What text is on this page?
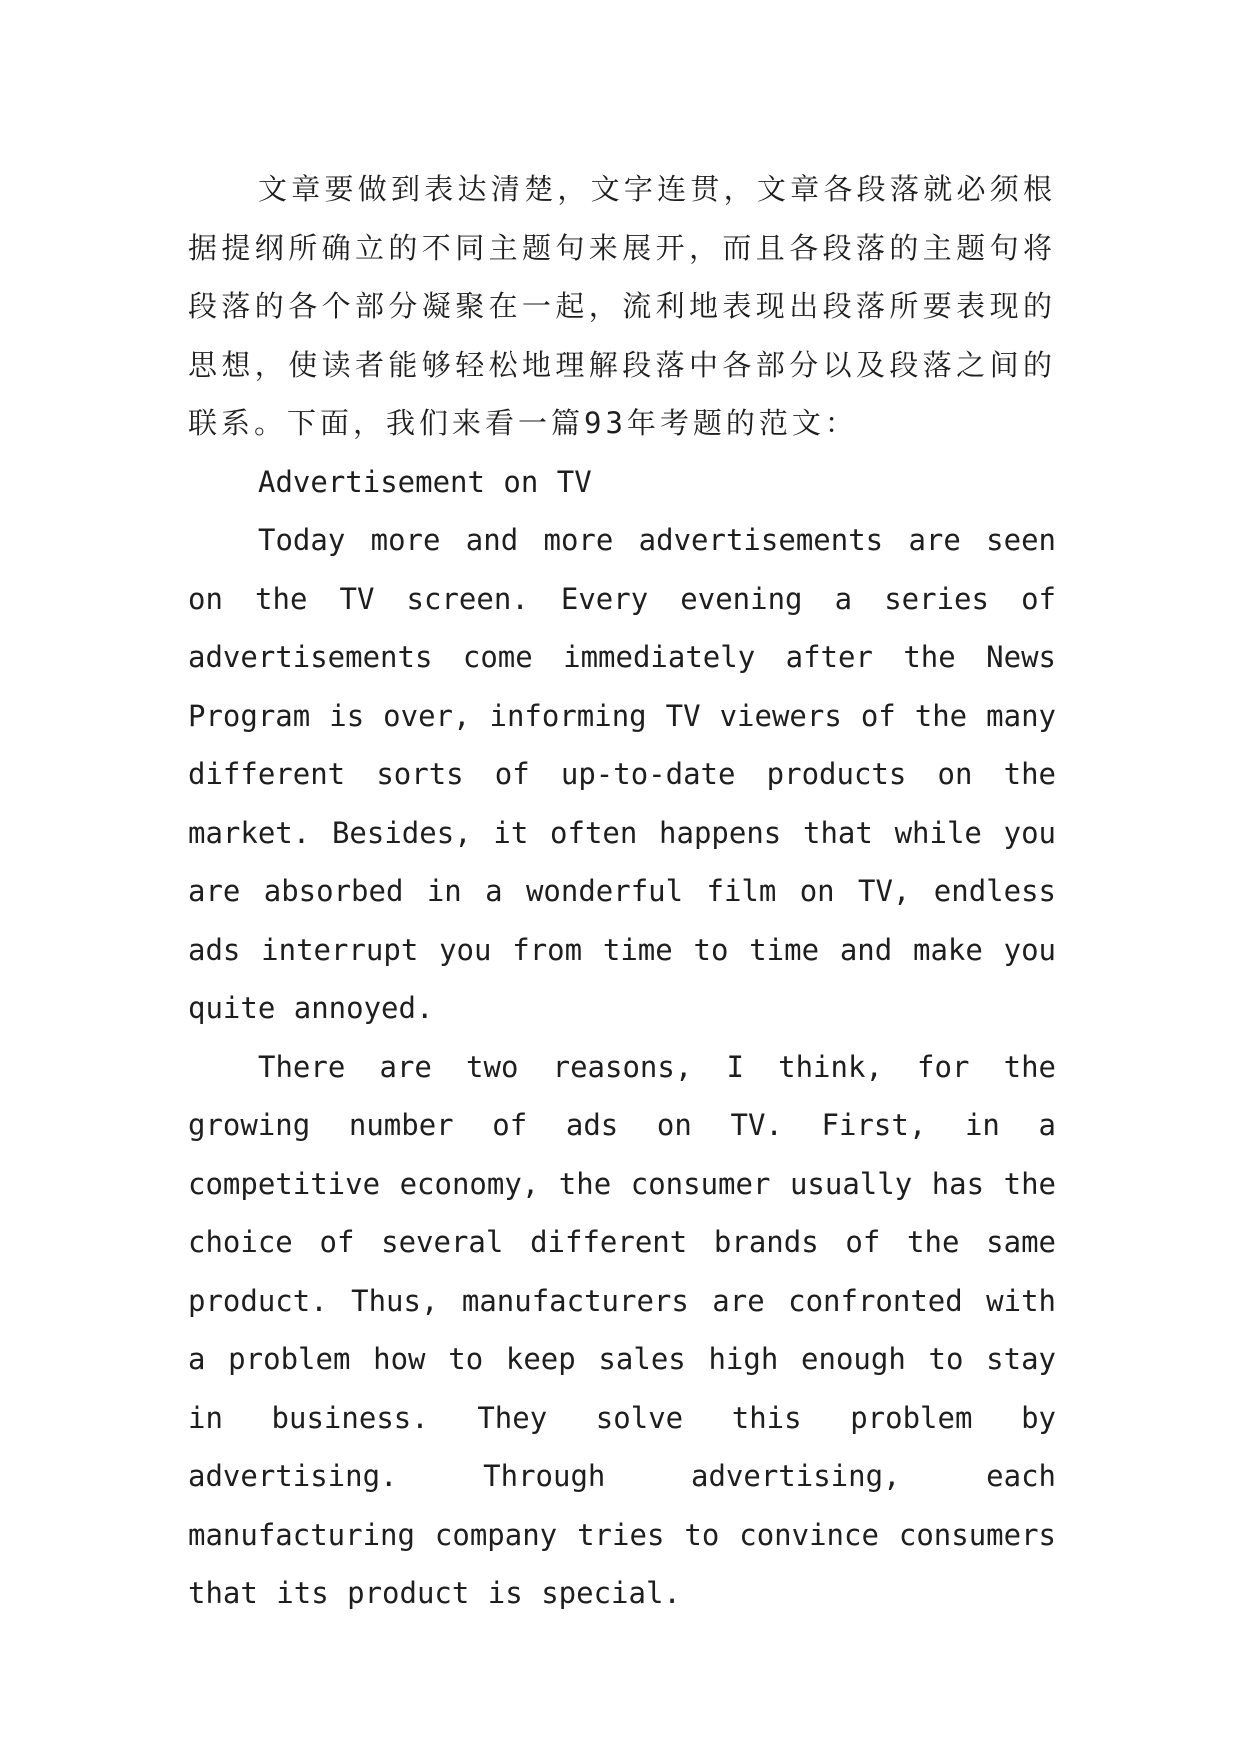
文章要做到表达清楚，文字连贯，文章各段落就必须根据提纲所确立的不同主题句来展开，而且各段落的主题句将段落的各个部分凝聚在一起，流利地表现出段落所要表现的思想，使读者能够轻松地理解段落中各部分以及段落之间的联系。下面，我们来看一篇93年考题的范文：

Advertisement on TV

Today more and more advertisements are seen on the TV screen. Every evening a series of advertisements come immediately after the News Program is over, informing TV viewers of the many different sorts of up-to-date products on the market. Besides, it often happens that while you are absorbed in a wonderful film on TV, endless ads interrupt you from time to time and make you quite annoyed.

There are two reasons, I think, for the growing number of ads on TV. First, in a competitive economy, the consumer usually has the choice of several different brands of the same product. Thus, manufacturers are confronted with a problem how to keep sales high enough to stay in business. They solve this problem by advertising. Through advertising, each manufacturing company tries to convince consumers that its product is special.
